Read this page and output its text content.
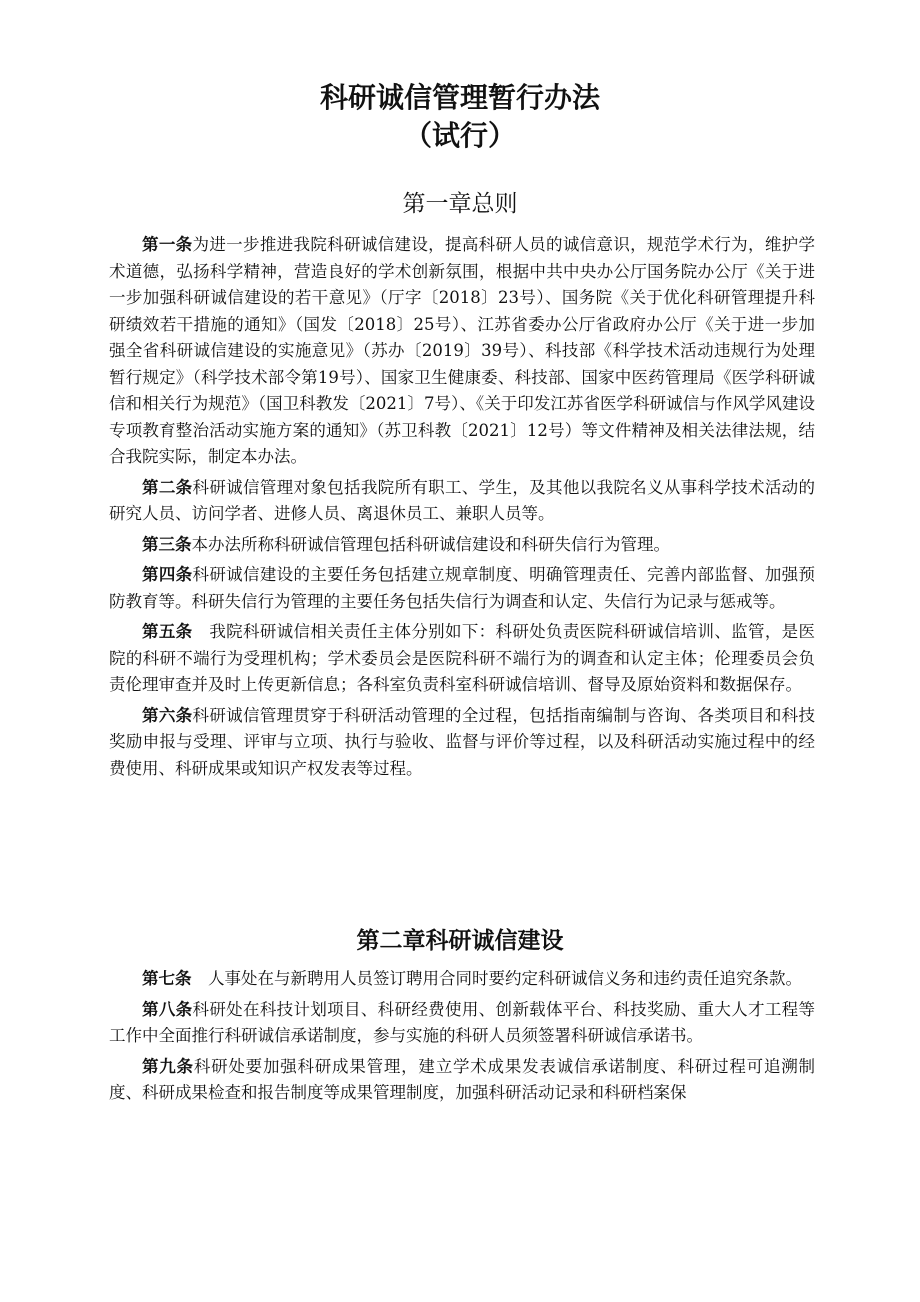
科研诚信管理暂行办法
（试行）
第一章总则

第一条为进一步推进我院科研诚信建设，提高科研人员的诚信意识，规范学术行为，维护学术道德，弘扬科学精神，营造良好的学术创新氛围，根据中共中央办公厅国务院办公厅《关于进一步加强科研诚信建设的若干意见》（厅字〔2018〕23号）、国务院《关于优化科研管理提升科研绩效若干措施的通知》（国发〔2018〕25号）、江苏省委办公厅省政府办公厅《关于进一步加强全省科研诚信建设的实施意见》（苏办〔2019〕39号）、科技部《科学技术活动违规行为处理暂行规定》（科学技术部令第19号）、国家卫生健康委、科技部、国家中医药管理局《医学科研诚信和相关行为规范》（国卫科教发〔2021〕7号）、《关于印发江苏省医学科研诚信与作风学风建设专项教育整治活动实施方案的通知》（苏卫科教〔2021〕12号）等文件精神及相关法律法规，结合我院实际，制定本办法。

第二条科研诚信管理对象包括我院所有职工、学生，及其他以我院名义从事科学技术活动的研究人员、访问学者、进修人员、离退休员工、兼职人员等。

第三条本办法所称科研诚信管理包括科研诚信建设和科研失信行为管理。

第四条科研诚信建设的主要任务包括建立规章制度、明确管理责任、完善内部监督、加强预防教育等。科研失信行为管理的主要任务包括失信行为调查和认定、失信行为记录与惩戒等。

第五条　我院科研诚信相关责任主体分别如下：科研处负责医院科研诚信培训、监管，是医院的科研不端行为受理机构；学术委员会是医院科研不端行为的调查和认定主体；伦理委员会负责伦理审查并及时上传更新信息；各科室负责科室科研诚信培训、督导及原始资料和数据保存。

第六条科研诚信管理贯穿于科研活动管理的全过程，包括指南编制与咨询、各类项目和科技奖励申报与受理、评审与立项、执行与验收、监督与评价等过程，以及科研活动实施过程中的经费使用、科研成果或知识产权发表等过程。

第二章科研诚信建设

第七条　人事处在与新聘用人员签订聘用合同时要约定科研诚信义务和违约责任追究条款。

第八条科研处在科技计划项目、科研经费使用、创新载体平台、科技奖励、重大人才工程等工作中全面推行科研诚信承诺制度，参与实施的科研人员须签署科研诚信承诺书。

第九条科研处要加强科研成果管理，建立学术成果发表诚信承诺制度、科研过程可追溯制度、科研成果检查和报告制度等成果管理制度，加强科研活动记录和科研档案保
